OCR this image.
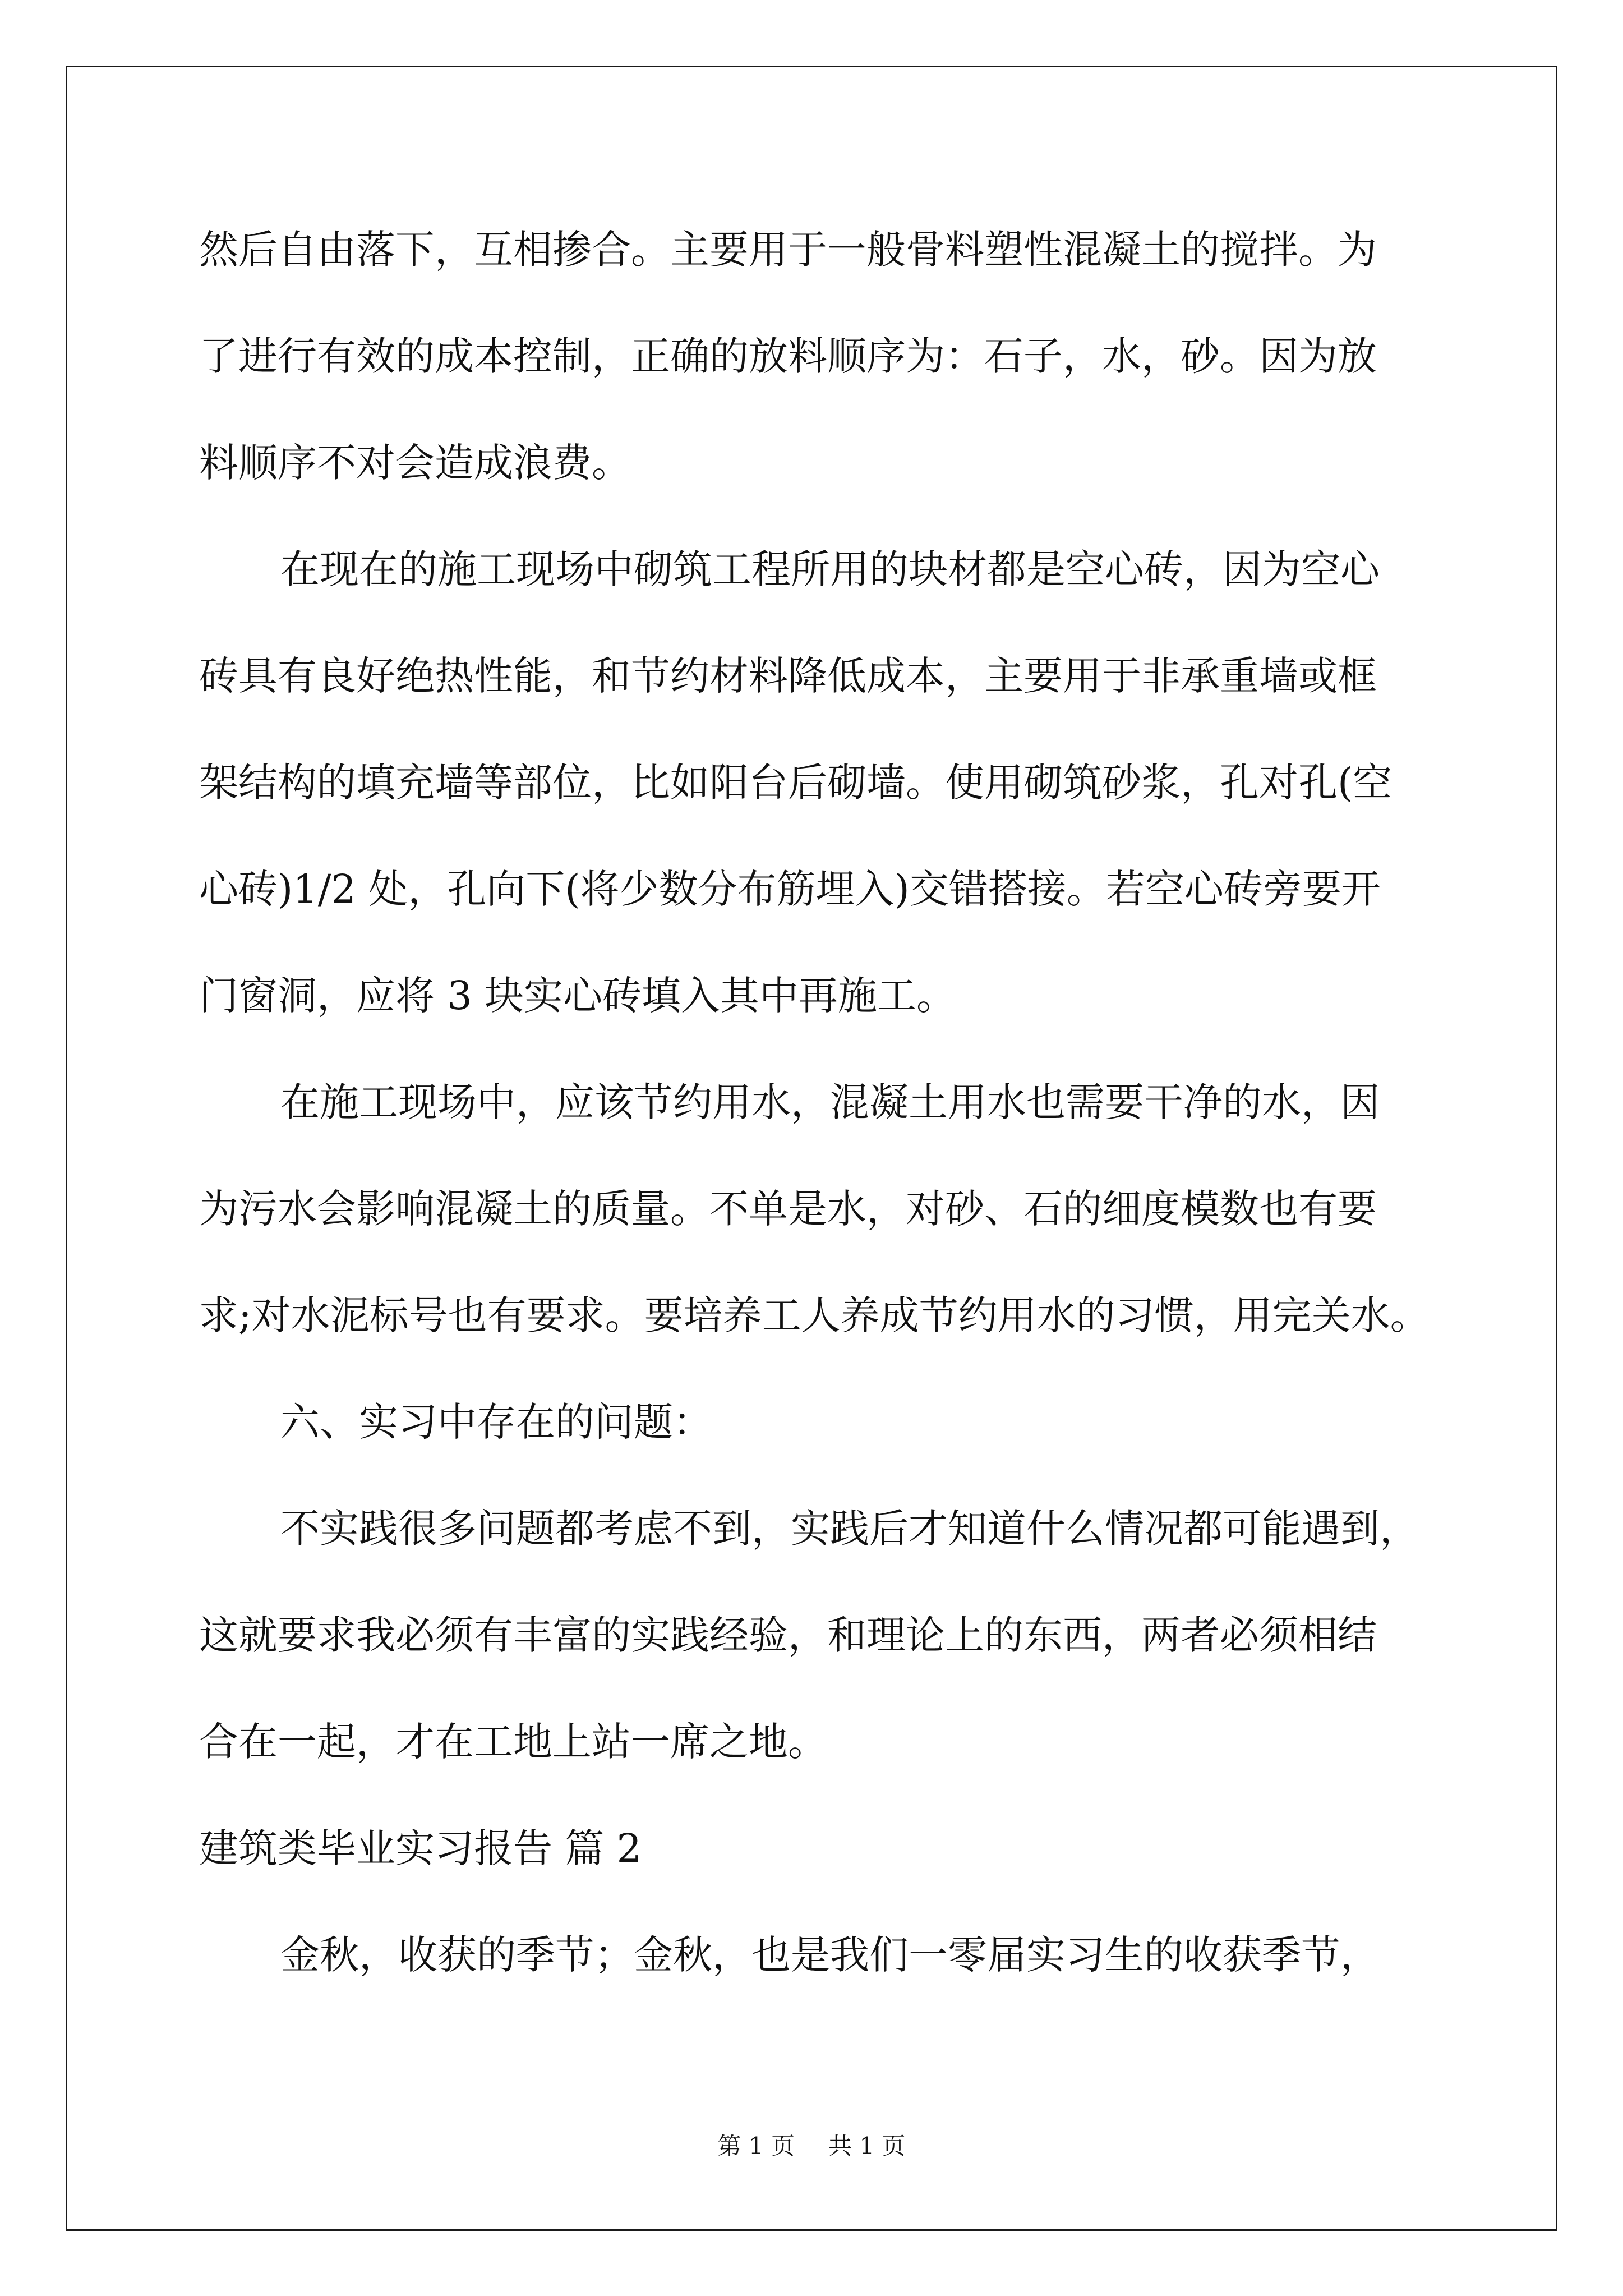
然后自由落下，互相掺合。主要用于一般骨料塑性混凝土的搅拌。为
了进行有效的成本控制，正确的放料顺序为：石子，水，砂。因为放
料顺序不对会造成浪费。
在现在的施工现场中砌筑工程所用的块材都是空心砖，因为空心
砖具有良好绝热性能，和节约材料降低成本，主要用于非承重墙或框
架结构的填充墙等部位，比如阳台后砌墙。使用砌筑砂浆，孔对孔(空
心砖)1/2 处，孔向下(将少数分布筋埋入)交错搭接。若空心砖旁要开
门窗洞，应将 3 块实心砖填入其中再施工。
在施工现场中，应该节约用水，混凝土用水也需要干净的水，因
为污水会影响混凝土的质量。不单是水，对砂、石的细度模数也有要
求;对水泥标号也有要求。要培养工人养成节约用水的习惯，用完关水。
六、实习中存在的问题：
不实践很多问题都考虑不到，实践后才知道什么情况都可能遇到，
这就要求我必须有丰富的实践经验，和理论上的东西，两者必须相结
合在一起，才在工地上站一席之地。
建筑类毕业实习报告 篇 2
金秋，收获的季节；金秋，也是我们一零届实习生的收获季节，
第 1 页 共 1 页
